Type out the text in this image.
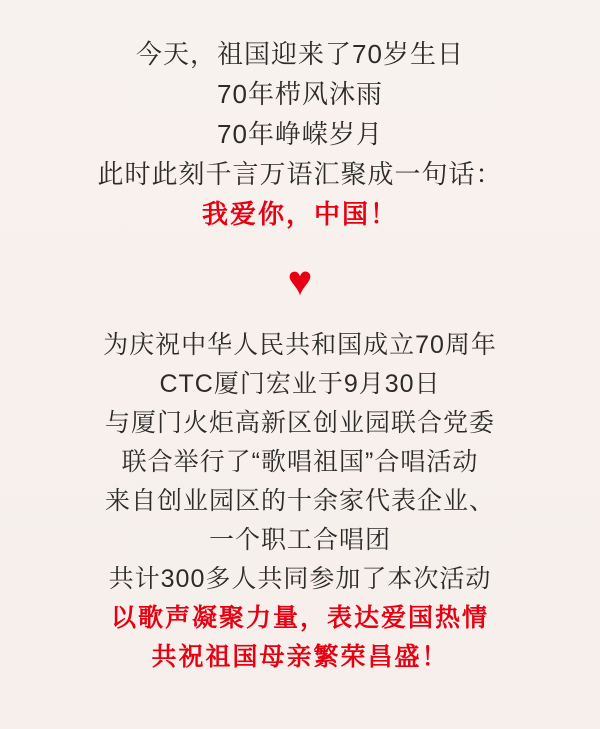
今天，祖国迎来了70岁生日
70年栉风沐雨
70年峥嵘岁月
此时此刻千言万语汇聚成一句话：
我爱你，中国！
♥
为庆祝中华人民共和国成立70周年
CTC厦门宏业于9月30日
与厦门火炬高新区创业园联合党委
联合举行了“歌唱祖国”合唱活动
来自创业园区的十余家代表企业、
一个职工合唱团
共计300多人共同参加了本次活动
以歌声凝聚力量，表达爱国热情
共祝祖国母亲繁荣昌盛！
